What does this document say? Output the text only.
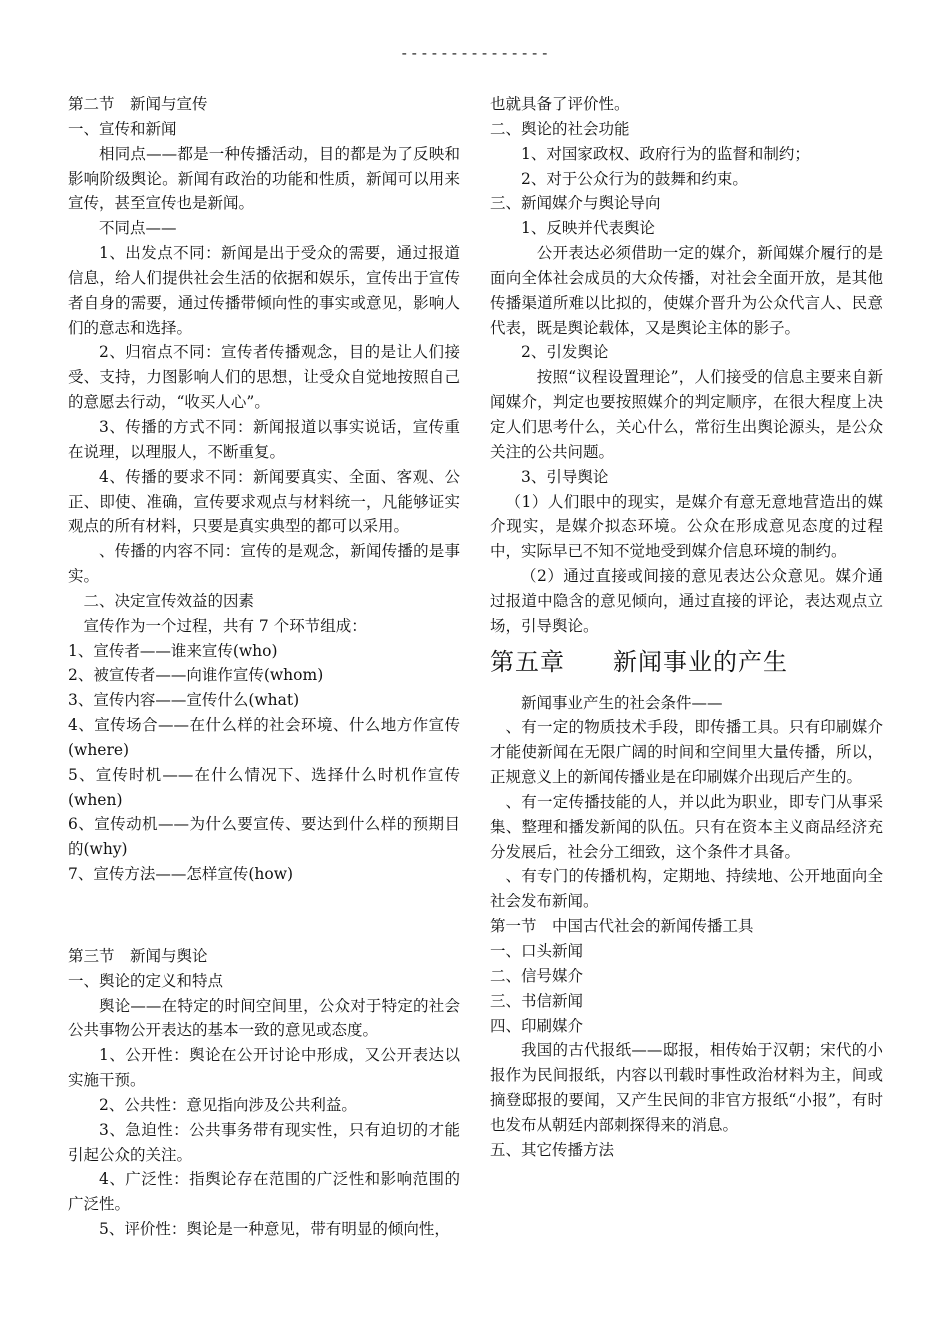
---------------

第二节　新闻与宣传

一、宣传和新闻

相同点——都是一种传播活动，目的都是为了反映和影响阶级舆论。新闻有政治的功能和性质，新闻可以用来宣传，甚至宣传也是新闻。

不同点——

1、出发点不同：新闻是出于受众的需要，通过报道信息，给人们提供社会生活的依据和娱乐，宣传出于宣传者自身的需要，通过传播带倾向性的事实或意见，影响人们的意志和选择。

2、归宿点不同：宣传者传播观念，目的是让人们接受、支持，力图影响人们的思想，让受众自觉地按照自己的意愿去行动，“收买人心”。

3、传播的方式不同：新闻报道以事实说话，宣传重在说理，以理服人，不断重复。

4、传播的要求不同：新闻要真实、全面、客观、公正、即使、准确，宣传要求观点与材料统一，凡能够证实观点的所有材料，只要是真实典型的都可以采用。

、传播的内容不同：宣传的是观念，新闻传播的是事实。

二、决定宣传效益的因素

宣传作为一个过程，共有 7 个环节组成：

1、宣传者——谁来宣传(who)

2、被宣传者——向谁作宣传(whom)

3、宣传内容——宣传什么(what)

4、宣传场合——在什么样的社会环境、什么地方作宣传(where)

5、宣传时机——在什么情况下、选择什么时机作宣传(when)

6、宣传动机——为什么要宣传、要达到什么样的预期目的(why)

7、宣传方法——怎样宣传(how)

第三节　新闻与舆论

一、舆论的定义和特点

舆论——在特定的时间空间里，公众对于特定的社会公共事物公开表达的基本一致的意见或态度。

1、公开性：舆论在公开讨论中形成，又公开表达以实施干预。

2、公共性：意见指向涉及公共利益。

3、急迫性：公共事务带有现实性，只有迫切的才能引起公众的关注。

4、广泛性：指舆论存在范围的广泛性和影响范围的广泛性。

5、评价性：舆论是一种意见，带有明显的倾向性，

也就具备了评价性。

二、舆论的社会功能

1、对国家政权、政府行为的监督和制约；

2、对于公众行为的鼓舞和约束。

三、新闻媒介与舆论导向

1、反映并代表舆论

　公开表达必须借助一定的媒介，新闻媒介履行的是面向全体社会成员的大众传播，对社会全面开放，是其他传播渠道所难以比拟的，使媒介晋升为公众代言人、民意代表，既是舆论载体，又是舆论主体的影子。

2、引发舆论

　按照“议程设置理论”，人们接受的信息主要来自新闻媒介，判定也要按照媒介的判定顺序，在很大程度上决定人们思考什么，关心什么，常衍生出舆论源头，是公众关注的公共问题。

3、引导舆论

（1）人们眼中的现实，是媒介有意无意地营造出的媒介现实，是媒介拟态环境。公众在形成意见态度的过程中，实际早已不知不觉地受到媒介信息环境的制约。

（2）通过直接或间接的意见表达公众意见。媒介通过报道中隐含的意见倾向，通过直接的评论，表达观点立场，引导舆论。

第五章 新闻事业的产生

新闻事业产生的社会条件——

、有一定的物质技术手段，即传播工具。只有印刷媒介才能使新闻在无限广阔的时间和空间里大量传播，所以，正规意义上的新闻传播业是在印刷媒介出现后产生的。

、有一定传播技能的人，并以此为职业，即专门从事采集、整理和播发新闻的队伍。只有在资本主义商品经济充分发展后，社会分工细致，这个条件才具备。

、有专门的传播机构，定期地、持续地、公开地面向全社会发布新闻。

第一节　中国古代社会的新闻传播工具

一、口头新闻

二、信号媒介

三、书信新闻

四、印刷媒介

我国的古代报纸——邸报，相传始于汉朝；宋代的小报作为民间报纸，内容以刊载时事性政治材料为主，间或摘登邸报的要闻，又产生民间的非官方报纸“小报”，有时也发布从朝廷内部刺探得来的消息。

五、其它传播方法
